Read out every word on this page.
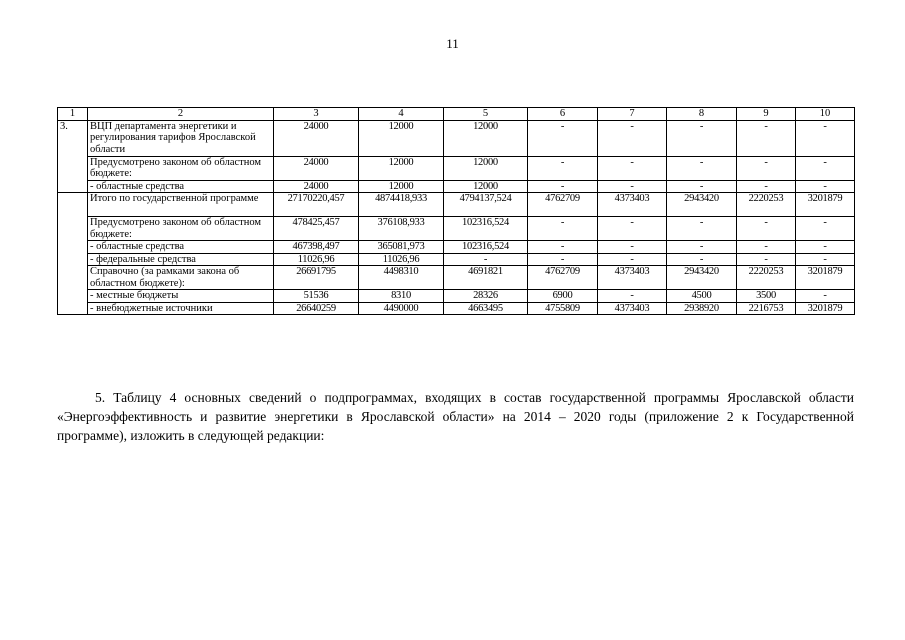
11
1	2	3	4	5	6	7	8	9	10
3.	ВЦП департамента энергетики и регулирования тарифов Ярославской области	24000	12000	12000	-	-	-	-	-
	Предусмотрено законом об областном бюджете:	24000	12000	12000	-	-	-	-	-
	- областные средства	24000	12000	12000	-	-	-	-	-
	Итого по государственной программе	27170220,457	4874418,933	4794137,524	4762709	4373403	2943420	2220253	3201879
	Предусмотрено законом об областном бюджете:	478425,457	376108,933	102316,524	-	-	-	-	-
	- областные средства	467398,497	365081,973	102316,524	-	-	-	-	-
	- федеральные средства	11026,96	11026,96	-	-	-	-	-	-
	Справочно (за рамками закона об областном бюджете):	26691795	4498310	4691821	4762709	4373403	2943420	2220253	3201879
	- местные бюджеты	51536	8310	28326	6900	-	4500	3500	-
	- внебюджетные источники	26640259	4490000	4663495	4755809	4373403	2938920	2216753	3201879

5. Таблицу 4 основных сведений о подпрограммах, входящих в состав государственной программы Ярославской области «Энергоэффективность и развитие энергетики в Ярославской области» на 2014 – 2020 годы (приложение 2 к Государственной программе), изложить в следующей редакции:
